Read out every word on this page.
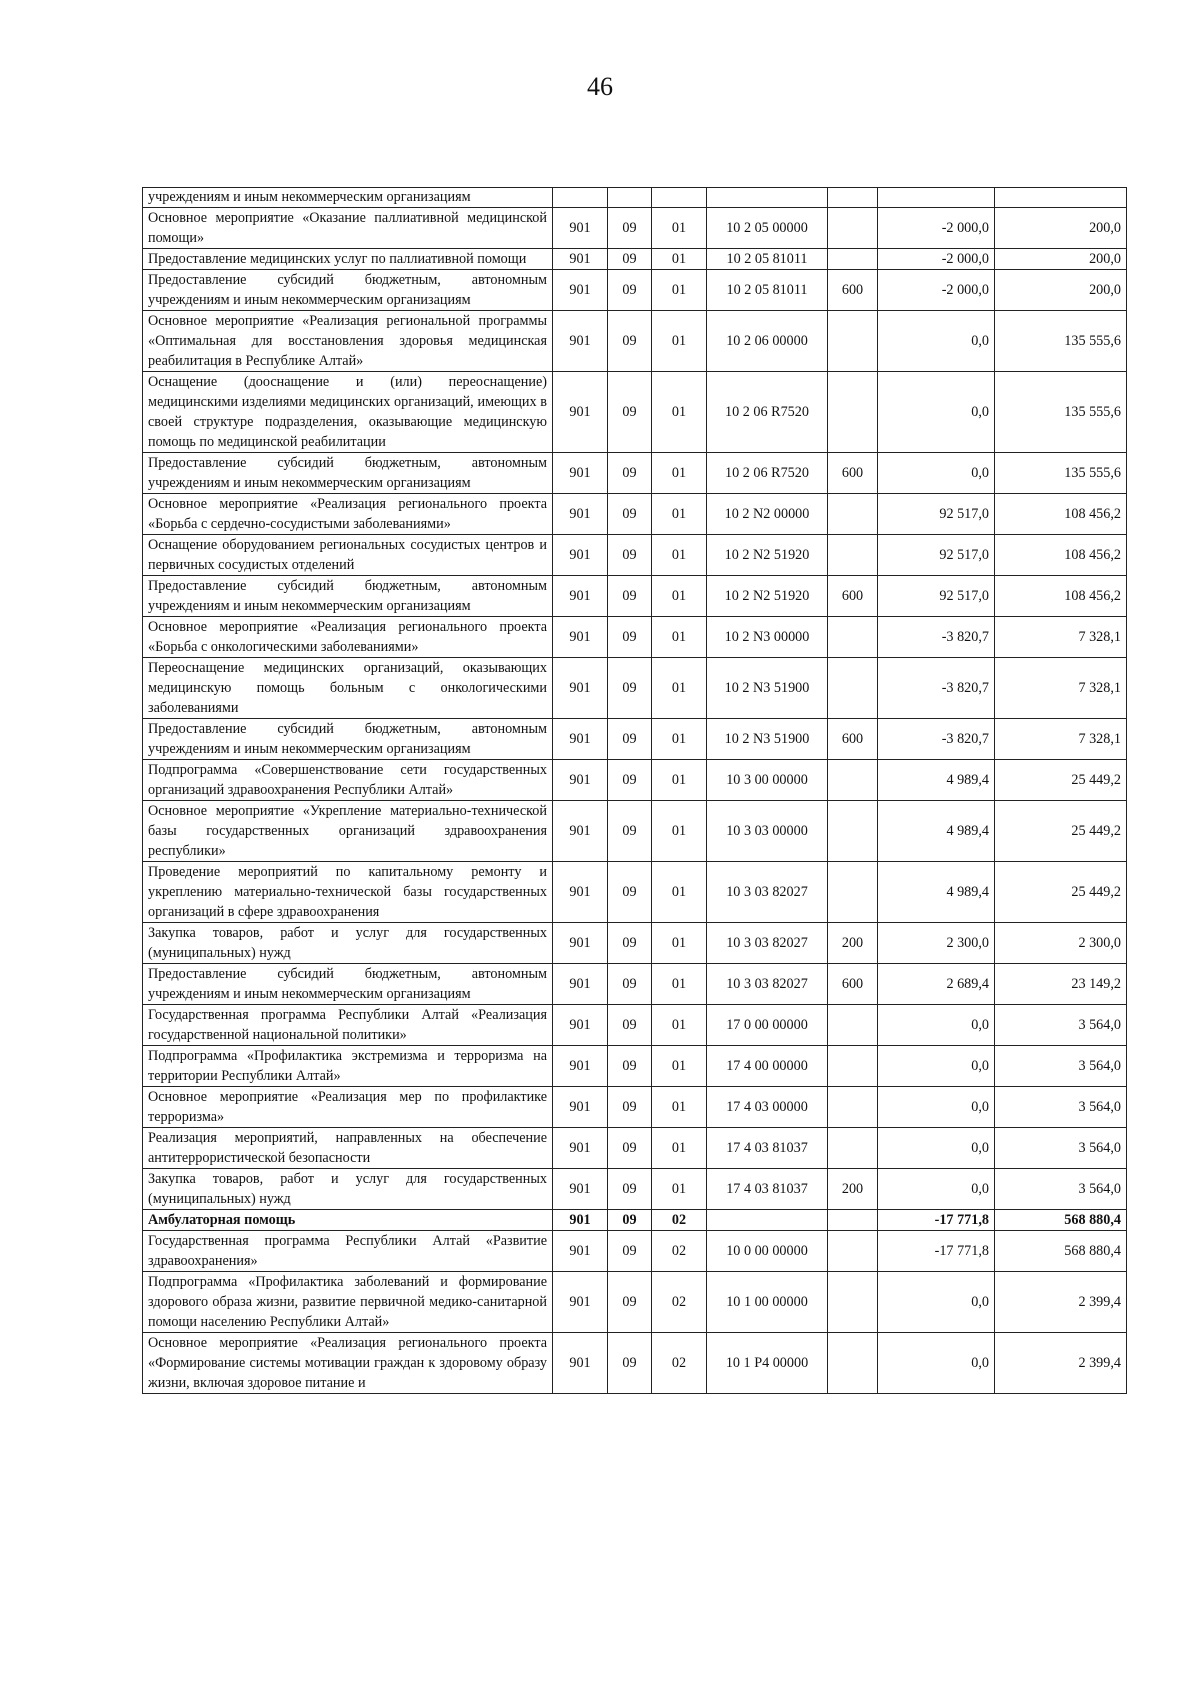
46
учреждениям и иным некоммерческим организациям							
Основное мероприятие «Оказание паллиативной медицинской помощи»	901	09	01	10 2 05 00000		-2 000,0	200,0
Предоставление медицинских услуг по паллиативной помощи	901	09	01	10 2 05 81011		-2 000,0	200,0
Предоставление субсидий бюджетным, автономным учреждениям и иным некоммерческим организациям	901	09	01	10 2 05 81011	600	-2 000,0	200,0
Основное мероприятие «Реализация региональной программы «Оптимальная для восстановления здоровья медицинская реабилитация в Республике Алтай»	901	09	01	10 2 06 00000		0,0	135 555,6
Оснащение (дооснащение и (или) переоснащение) медицинскими изделиями медицинских организаций, имеющих в своей структуре подразделения, оказывающие медицинскую помощь по медицинской реабилитации	901	09	01	10 2 06 R7520		0,0	135 555,6
Предоставление субсидий бюджетным, автономным учреждениям и иным некоммерческим организациям	901	09	01	10 2 06 R7520	600	0,0	135 555,6
Основное мероприятие «Реализация регионального проекта «Борьба с сердечно-сосудистыми заболеваниями»	901	09	01	10 2 N2 00000		92 517,0	108 456,2
Оснащение оборудованием региональных сосудистых центров и первичных сосудистых отделений	901	09	01	10 2 N2 51920		92 517,0	108 456,2
Предоставление субсидий бюджетным, автономным учреждениям и иным некоммерческим организациям	901	09	01	10 2 N2 51920	600	92 517,0	108 456,2
Основное мероприятие «Реализация регионального проекта «Борьба с онкологическими заболеваниями»	901	09	01	10 2 N3 00000		-3 820,7	7 328,1
Переоснащение медицинских организаций, оказывающих медицинскую помощь больным с онкологическими заболеваниями	901	09	01	10 2 N3 51900		-3 820,7	7 328,1
Предоставление субсидий бюджетным, автономным учреждениям и иным некоммерческим организациям	901	09	01	10 2 N3 51900	600	-3 820,7	7 328,1
Подпрограмма «Совершенствование сети государственных организаций здравоохранения Республики Алтай»	901	09	01	10 3 00 00000		4 989,4	25 449,2
Основное мероприятие «Укрепление материально-технической базы государственных организаций здравоохранения республики»	901	09	01	10 3 03 00000		4 989,4	25 449,2
Проведение мероприятий по капитальному ремонту и укреплению материально-технической базы государственных организаций в сфере здравоохранения	901	09	01	10 3 03 82027		4 989,4	25 449,2
Закупка товаров, работ и услуг для государственных (муниципальных) нужд	901	09	01	10 3 03 82027	200	2 300,0	2 300,0
Предоставление субсидий бюджетным, автономным учреждениям и иным некоммерческим организациям	901	09	01	10 3 03 82027	600	2 689,4	23 149,2
Государственная программа Республики Алтай «Реализация государственной национальной политики»	901	09	01	17 0 00 00000		0,0	3 564,0
Подпрограмма «Профилактика экстремизма и терроризма на территории Республики Алтай»	901	09	01	17 4 00 00000		0,0	3 564,0
Основное мероприятие «Реализация мер по профилактике терроризма»	901	09	01	17 4 03 00000		0,0	3 564,0
Реализация мероприятий, направленных на обеспечение антитеррористической безопасности	901	09	01	17 4 03 81037		0,0	3 564,0
Закупка товаров, работ и услуг для государственных (муниципальных) нужд	901	09	01	17 4 03 81037	200	0,0	3 564,0
Амбулаторная помощь	901	09	02			-17 771,8	568 880,4
Государственная программа Республики Алтай «Развитие здравоохранения»	901	09	02	10 0 00 00000		-17 771,8	568 880,4
Подпрограмма «Профилактика заболеваний и формирование здорового образа жизни, развитие первичной медико-санитарной помощи населению Республики Алтай»	901	09	02	10 1 00 00000		0,0	2 399,4
Основное мероприятие «Реализация регионального проекта «Формирование системы мотивации граждан к здоровому образу жизни, включая здоровое питание и	901	09	02	10 1 P4 00000		0,0	2 399,4
